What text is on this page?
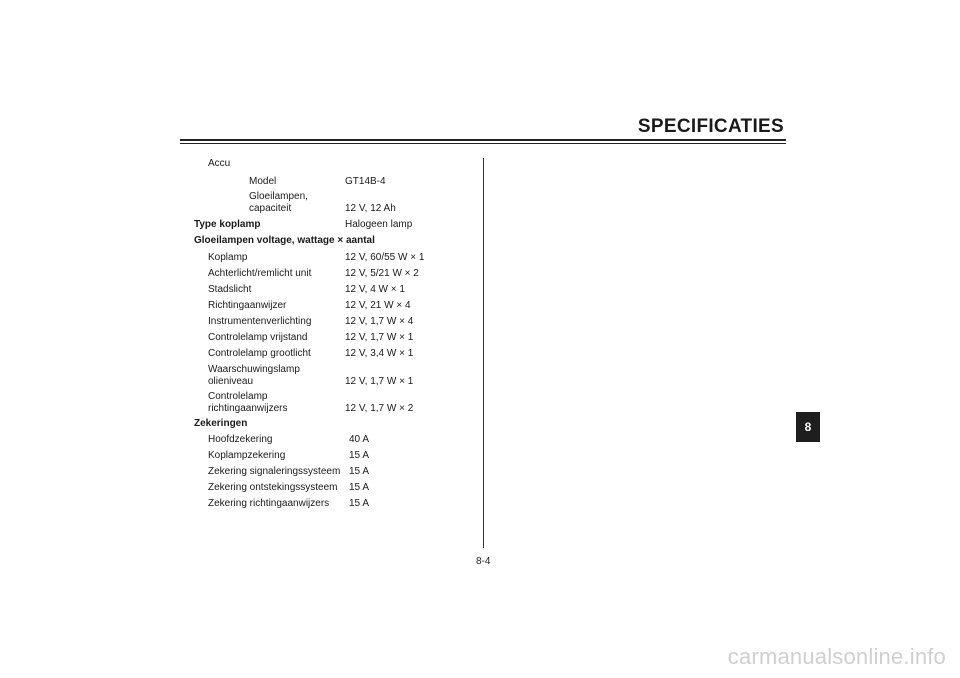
SPECIFICATIES
Accu
Model	GT14B-4
Gloeilampen,
capaciteit	12 V, 12 Ah
Type koplamp	Halogeen lamp
Gloeilampen voltage, wattage × aantal
Koplamp	12 V, 60/55 W × 1
Achterlicht/remlicht unit	12 V, 5/21 W × 2
Stadslicht	12 V, 4 W × 1
Richtingaanwijzer	12 V, 21 W × 4
Instrumentenverlichting	12 V, 1,7 W × 4
Controlelamp vrijstand	12 V, 1,7 W × 1
Controlelamp grootlicht	12 V, 3,4 W × 1
Waarschuwingslamp
olieniveau	12 V, 1,7 W × 1
Controlelamp
richtingaanwijzers	12 V, 1,7 W × 2
Zekeringen
Hoofdzekering	40 A
Koplampzekering	15 A
Zekering signaleringssysteem 15 A
Zekering ontstekingssysteem 15 A
Zekering richtingaanwijzers 15 A
8-4
8
carmanualsonline.info
